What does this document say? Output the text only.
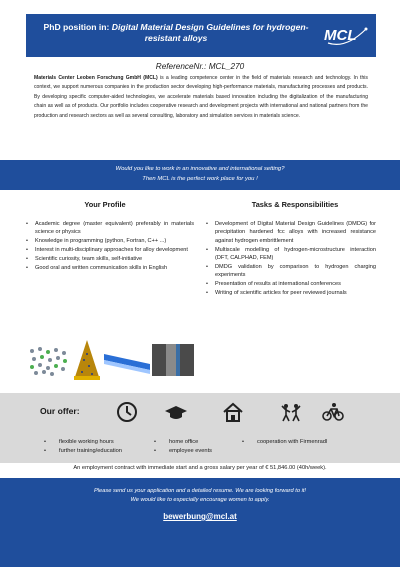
PhD position in: Digital Material Design Guidelines for hydrogen-resistant alloys	MCL
ReferenceNr.: MCL_270

Materials Center Leoben Forschung GmbH (MCL) is a leading competence center in the field of materials research and technology. In this context, we support numerous companies in the production sector developing high-performance materials, manufacturing processes and products. By developing specific computer-aided technologies, we accelerate materials based innovation including the digitalization of the manufacturing chain as well as of products. Our portfolio includes cooperative research and development projects with international and national partners from the production and research sectors as well as several consulting, laboratory and simulation services in materials science.

Would you like to work in an innovative and international setting?
Then MCL is the perfect work place for you !
Your Profile	Tasks & Responsibilities
• Academic degree (master equivalent) preferably in materials science or physics
• Knowledge in programming (python, Fortran, C++ ...)
• Interest in multi-disciplinary approaches for alloy development
• Scientific curiosity, team skills, self-initiative
• Good oral and written communication skills in English
• Development of Digital Material Design Guidelines (DMDG) for precipitation hardened fcc alloys with increased resistance against hydrogen embrittlement
• Multiscale modelling of hydrogen-microstructure interaction (DFT, CALPHAD, FEM)
• DMDG validation by comparison to hydrogen charging experiments
• Presentation of results at international conferences
• Writing of scientific articles for peer reviewed journals
Our offer:
• flexible working hours
• further training/education
• home office
• employee events
• cooperation with Firmenradl
An employment contract with immediate start and a gross salary per year of € 51,846.00 (40h/week).
Please send us your application and a detailed resume. We are looking forward to it!
We would like to especially encourage women to apply.
bewerbung@mcl.at
